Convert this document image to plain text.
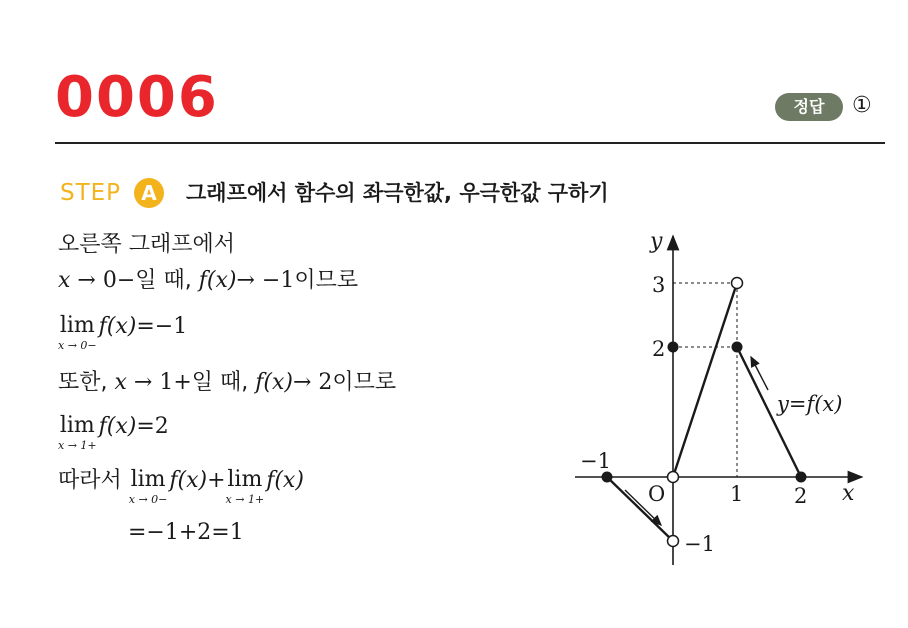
0006	정답	①
STEP	A	그래프에서 함수의 좌극한값, 우극한값 구하기
오른쪽 그래프에서
x → 0−일 때, f(x)→ −1이므로
lim
x → 0−
f(x)=−1
또한, x → 1+일 때, f(x)→ 2이므로
lim
x → 1+
f(x)=2
따라서 lim
x → 0−
f(x)+ lim
x → 1+
f(x)
=−1+2=1
y
x
O
3
2
−1
−1
1 2
y=f(x)
